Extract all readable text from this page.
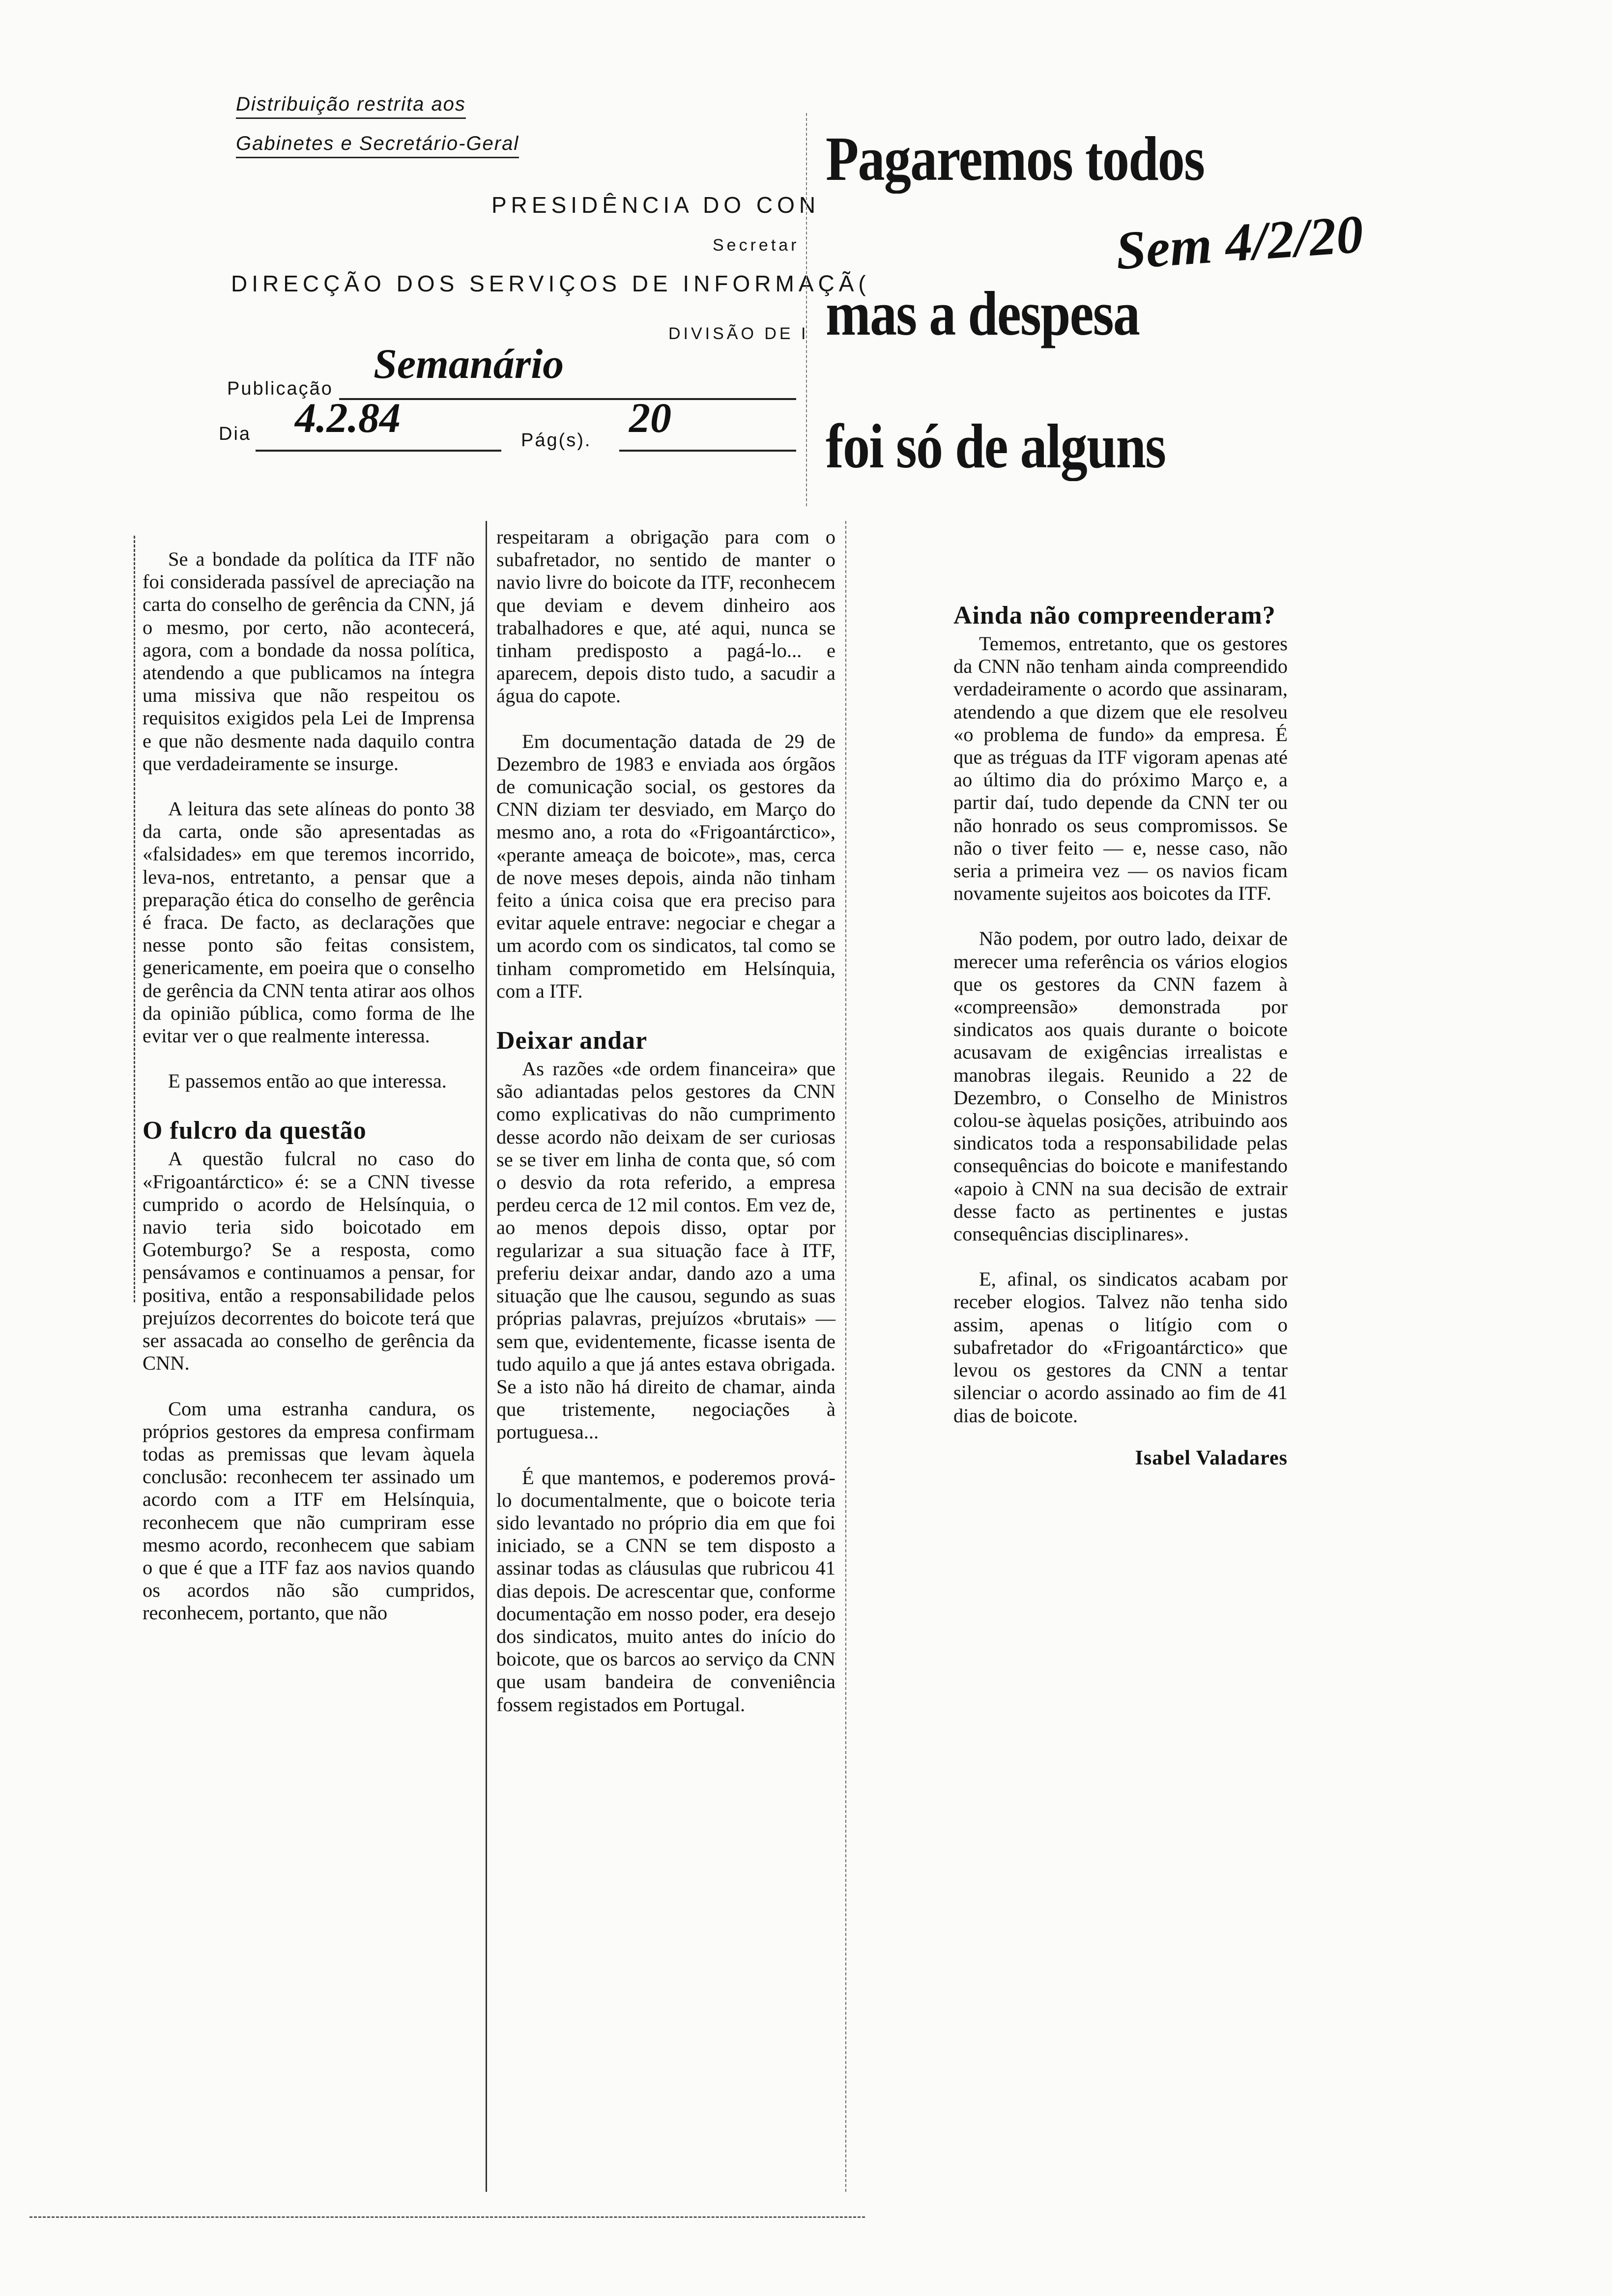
Distribuição restrita aos
Gabinetes e Secretário-Geral
PRESIDÊNCIA DO CON
Secretar
DIRECÇÃO DOS SERVIÇOS DE INFORMAÇÃ(
DIVISÃO DE I
Publicação
Semanário
Dia 4.2.84	Pág(s). 20
Pagaremos todos
mas a despesa
foi só de alguns
Sem 4/2/20

Se a bondade da política da ITF não foi considerada passível de apreciação na carta do conselho de gerência da CNN, já o mesmo, por certo, não acontecerá, agora, com a bondade da nossa política, atendendo a que publicamos na íntegra uma missiva que não respeitou os requisitos exigidos pela Lei de Imprensa e que não desmente nada daquilo contra que verdadeiramente se insurge.

A leitura das sete alíneas do ponto 38 da carta, onde são apresentadas as «falsidades» em que teremos incorrido, leva-nos, entretanto, a pensar que a preparação ética do conselho de gerência é fraca. De facto, as declarações que nesse ponto são feitas consistem, genericamente, em poeira que o conselho de gerência da CNN tenta atirar aos olhos da opinião pública, como forma de lhe evitar ver o que realmente interessa.

E passemos então ao que interessa.

O fulcro da questão

A questão fulcral no caso do «Frigoantárctico» é: se a CNN tivesse cumprido o acordo de Helsínquia, o navio teria sido boicotado em Gotemburgo? Se a resposta, como pensávamos e continuamos a pensar, for positiva, então a responsabilidade pelos prejuízos decorrentes do boicote terá que ser assacada ao conselho de gerência da CNN.

Com uma estranha candura, os próprios gestores da empresa confirmam todas as premissas que levam àquela conclusão: reconhecem ter assinado um acordo com a ITF em Helsínquia, reconhecem que não cumpriram esse mesmo acordo, reconhecem que sabiam o que é que a ITF faz aos navios quando os acordos não são cumpridos, reconhecem, portanto, que não

respeitaram a obrigação para com o subafretador, no sentido de manter o navio livre do boicote da ITF, reconhecem que deviam e devem dinheiro aos trabalhadores e que, até aqui, nunca se tinham predisposto a pagá-lo... e aparecem, depois disto tudo, a sacudir a água do capote.

Em documentação datada de 29 de Dezembro de 1983 e enviada aos órgãos de comunicação social, os gestores da CNN diziam ter desviado, em Março do mesmo ano, a rota do «Frigoantárctico», «perante ameaça de boicote», mas, cerca de nove meses depois, ainda não tinham feito a única coisa que era preciso para evitar aquele entrave: negociar e chegar a um acordo com os sindicatos, tal como se tinham comprometido em Helsínquia, com a ITF.

Deixar andar

As razões «de ordem financeira» que são adiantadas pelos gestores da CNN como explicativas do não cumprimento desse acordo não deixam de ser curiosas se se tiver em linha de conta que, só com o desvio da rota referido, a empresa perdeu cerca de 12 mil contos. Em vez de, ao menos depois disso, optar por regularizar a sua situação face à ITF, preferiu deixar andar, dando azo a uma situação que lhe causou, segundo as suas próprias palavras, prejuízos «brutais» — sem que, evidentemente, ficasse isenta de tudo aquilo a que já antes estava obrigada. Se a isto não há direito de chamar, ainda que tristemente, negociações à portuguesa...

É que mantemos, e poderemos prová-lo documentalmente, que o boicote teria sido levantado no próprio dia em que foi iniciado, se a CNN se tem disposto a assinar todas as cláusulas que rubricou 41 dias depois. De acrescentar que, conforme documentação em nosso poder, era desejo dos sindicatos, muito antes do início do boicote, que os barcos ao serviço da CNN que usam bandeira de conveniência fossem registados em Portugal.

Ainda não compreenderam?

Tememos, entretanto, que os gestores da CNN não tenham ainda compreendido verdadeiramente o acordo que assinaram, atendendo a que dizem que ele resolveu «o problema de fundo» da empresa. É que as tréguas da ITF vigoram apenas até ao último dia do próximo Março e, a partir daí, tudo depende da CNN ter ou não honrado os seus compromissos. Se não o tiver feito — e, nesse caso, não seria a primeira vez — os navios ficam novamente sujeitos aos boicotes da ITF.

Não podem, por outro lado, deixar de merecer uma referência os vários elogios que os gestores da CNN fazem à «compreensão» demonstrada por sindicatos aos quais durante o boicote acusavam de exigências irrealistas e manobras ilegais. Reunido a 22 de Dezembro, o Conselho de Ministros colou-se àquelas posições, atribuindo aos sindicatos toda a responsabilidade pelas consequências do boicote e manifestando «apoio à CNN na sua decisão de extrair desse facto as pertinentes e justas consequências disciplinares».

E, afinal, os sindicatos acabam por receber elogios. Talvez não tenha sido assim, apenas o litígio com o subafretador do «Frigoantárctico» que levou os gestores da CNN a tentar silenciar o acordo assinado ao fim de 41 dias de boicote.

Isabel Valadares
